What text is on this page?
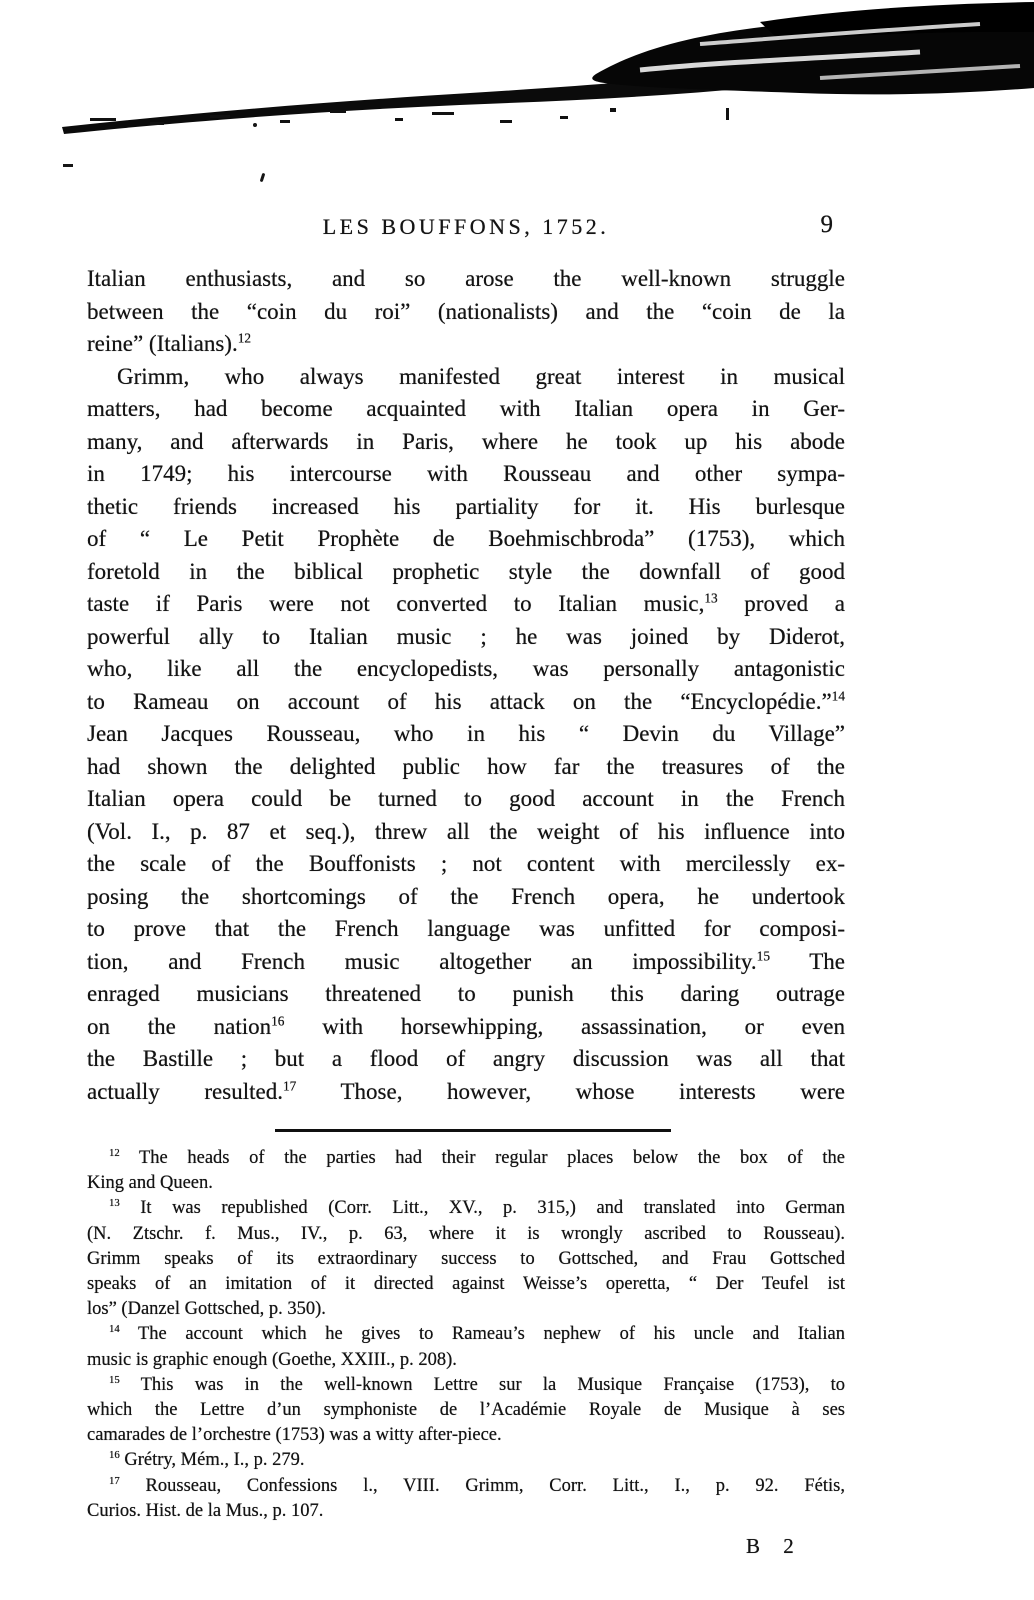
LES BOUFFONS, 1752.	9
Italian enthusiasts, and so arose the well-known struggle
between the “coin du roi” (nationalists) and the “coin de la
reine” (Italians).$^{12}$
Grimm, who always manifested great interest in musical
matters, had become acquainted with Italian opera in Ger-
many, and afterwards in Paris, where he took up his abode
in 1749; his intercourse with Rousseau and other sympa-
thetic friends increased his partiality for it. His burlesque
of “ Le Petit Prophète de Boehmischbroda” (1753), which
foretold in the biblical prophetic style the downfall of good
taste if Paris were not converted to Italian music,$^{13}$ proved a
powerful ally to Italian music ; he was joined by Diderot,
who, like all the encyclopedists, was personally antagonistic
to Rameau on account of his attack on the “Encyclopédie.”$^{14}$
Jean Jacques Rousseau, who in his “ Devin du Village”
had shown the delighted public how far the treasures of the
Italian opera could be turned to good account in the French
(Vol. I., p. 87 et seq.), threw all the weight of his influence into
the scale of the Bouffonists ; not content with mercilessly ex-
posing the shortcomings of the French opera, he undertook
to prove that the French language was unfitted for composi-
tion, and French music altogether an impossibility.$^{15}$ The
enraged musicians threatened to punish this daring outrage
on the nation$^{16}$ with horsewhipping, assassination, or even
the Bastille ; but a flood of angry discussion was all that
actually resulted.$^{17}$ Those, however, whose interests were
$^{12}$ The heads of the parties had their regular places below the box of the
King and Queen.
$^{13}$ It was republished (Corr. Litt., XV., p. 315,) and translated into German
(N. Ztschr. f. Mus., IV., p. 63, where it is wrongly ascribed to Rousseau).
Grimm speaks of its extraordinary success to Gottsched, and Frau Gottsched
speaks of an imitation of it directed against Weisse’s operetta, “ Der Teufel ist
los” (Danzel Gottsched, p. 350).
$^{14}$ The account which he gives to Rameau’s nephew of his uncle and Italian
music is graphic enough (Goethe, XXIII., p. 208).
$^{15}$ This was in the well-known Lettre sur la Musique Française (1753), to
which the Lettre d’un symphoniste de l’Académie Royale de Musique à ses
camarades de l’orchestre (1753) was a witty after-piece.
$^{16}$ Grétry, Mém., I., p. 279.
$^{17}$ Rousseau, Confessions l., VIII. Grimm, Corr. Litt., I., p. 92. Fétis,
Curios. Hist. de la Mus., p. 107.
B 2
